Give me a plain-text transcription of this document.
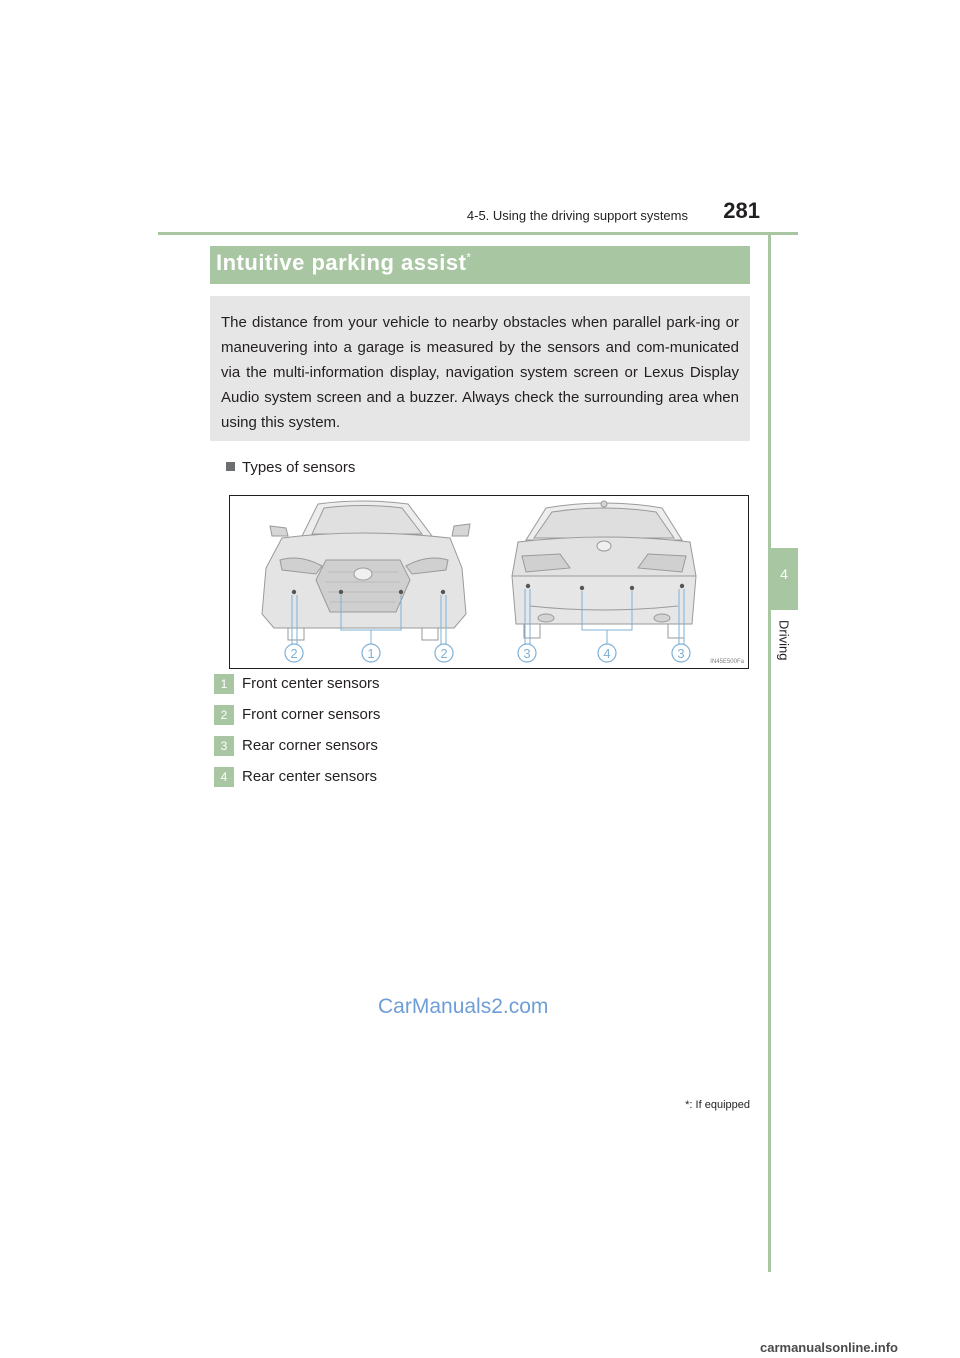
4-5. Using the driving support systems	281
4
Driving
Intuitive parking assist*
The distance from your vehicle to nearby obstacles when parallel park-ing or maneuvering into a garage is measured by the sensors and com-municated via the multi-information display, navigation system screen or Lexus Display Audio system screen and a buzzer. Always check the surrounding area when using this system.
Types of sensors
2	1	2	3	4	3
IN45E500Fa
1 Front center sensors
2 Front corner sensors
3 Rear corner sensors
4 Rear center sensors
CarManuals2.com
*: If equipped
carmanualsonline.info
